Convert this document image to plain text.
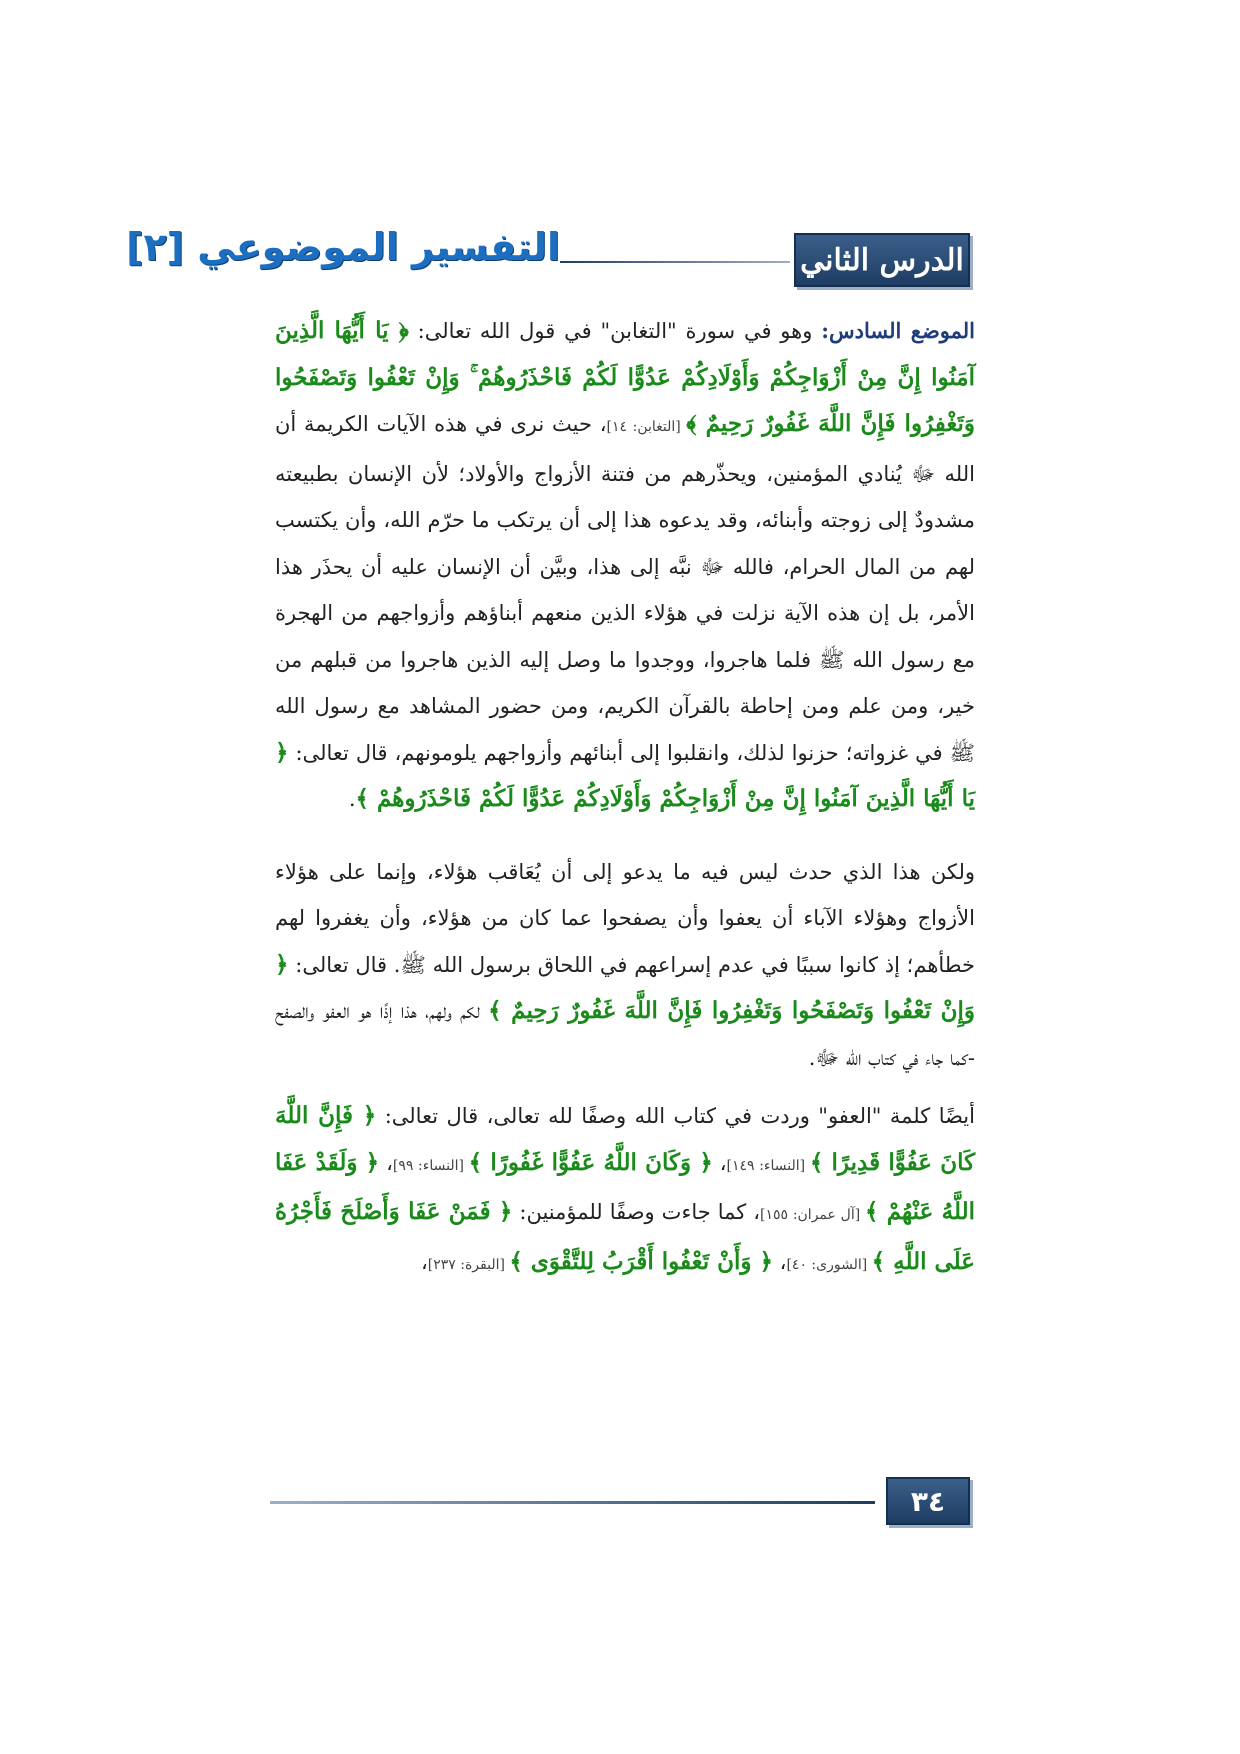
التفسير الموضوعي [٢]	الدرس الثاني

الموضع السادس: وهو في سورة "التغابن" في قول الله تعالى: ﴿ يَا أَيُّهَا الَّذِينَ آمَنُوا إِنَّ مِنْ أَزْوَاجِكُمْ وَأَوْلَادِكُمْ عَدُوًّا لَكُمْ فَاحْذَرُوهُمْ ۚ وَإِنْ تَعْفُوا وَتَصْفَحُوا وَتَغْفِرُوا فَإِنَّ اللَّهَ غَفُورٌ رَحِيمٌ ﴾ [التغابن: ١٤]، حيث نرى في هذه الآيات الكريمة أن الله ﷻ يُنادي المؤمنين، ويحذّرهم من فتنة الأزواج والأولاد؛ لأن الإنسان بطبيعته مشدودٌ إلى زوجته وأبنائه، وقد يدعوه هذا إلى أن يرتكب ما حرّم الله، وأن يكتسب لهم من المال الحرام، فالله ﷻ نبَّه إلى هذا، وبيَّن أن الإنسان عليه أن يحذَر هذا الأمر، بل إن هذه الآية نزلت في هؤلاء الذين منعهم أبناؤهم وأزواجهم من الهجرة مع رسول الله ﷺ فلما هاجروا، ووجدوا ما وصل إليه الذين هاجروا من قبلهم من خير، ومن علم ومن إحاطة بالقرآن الكريم، ومن حضور المشاهد مع رسول الله ﷺ في غزواته؛ حزنوا لذلك، وانقلبوا إلى أبنائهم وأزواجهم يلومونهم، قال تعالى: ﴿ يَا أَيُّهَا الَّذِينَ آمَنُوا إِنَّ مِنْ أَزْوَاجِكُمْ وَأَوْلَادِكُمْ عَدُوًّا لَكُمْ فَاحْذَرُوهُمْ ﴾.

ولكن هذا الذي حدث ليس فيه ما يدعو إلى أن يُعَاقب هؤلاء، وإنما على هؤلاء الأزواج وهؤلاء الآباء أن يعفوا وأن يصفحوا عما كان من هؤلاء، وأن يغفروا لهم خطأهم؛ إذ كانوا سببًا في عدم إسراعهم في اللحاق برسول الله ﷺ. قال تعالى: ﴿ وَإِنْ تَعْفُوا وَتَصْفَحُوا وَتَغْفِرُوا فَإِنَّ اللَّهَ غَفُورٌ رَحِيمٌ ﴾ لكم ولهم، هذا إذًا هو العفو والصفح -كما جاء في كتاب الله ﷻ.

أيضًا كلمة "العفو" وردت في كتاب الله وصفًا لله تعالى، قال تعالى: ﴿ فَإِنَّ اللَّهَ كَانَ عَفُوًّا قَدِيرًا ﴾ [النساء: ١٤٩]، ﴿ وَكَانَ اللَّهُ عَفُوًّا غَفُورًا ﴾ [النساء: ٩٩]، ﴿ وَلَقَدْ عَفَا اللَّهُ عَنْهُمْ ﴾ [آل عمران: ١٥٥]، كما جاءت وصفًا للمؤمنين: ﴿ فَمَنْ عَفَا وَأَصْلَحَ فَأَجْرُهُ عَلَى اللَّهِ ﴾ [الشورى: ٤٠]، ﴿ وَأَنْ تَعْفُوا أَقْرَبُ لِلتَّقْوَى ﴾ [البقرة: ٢٣٧]،

٣٤
